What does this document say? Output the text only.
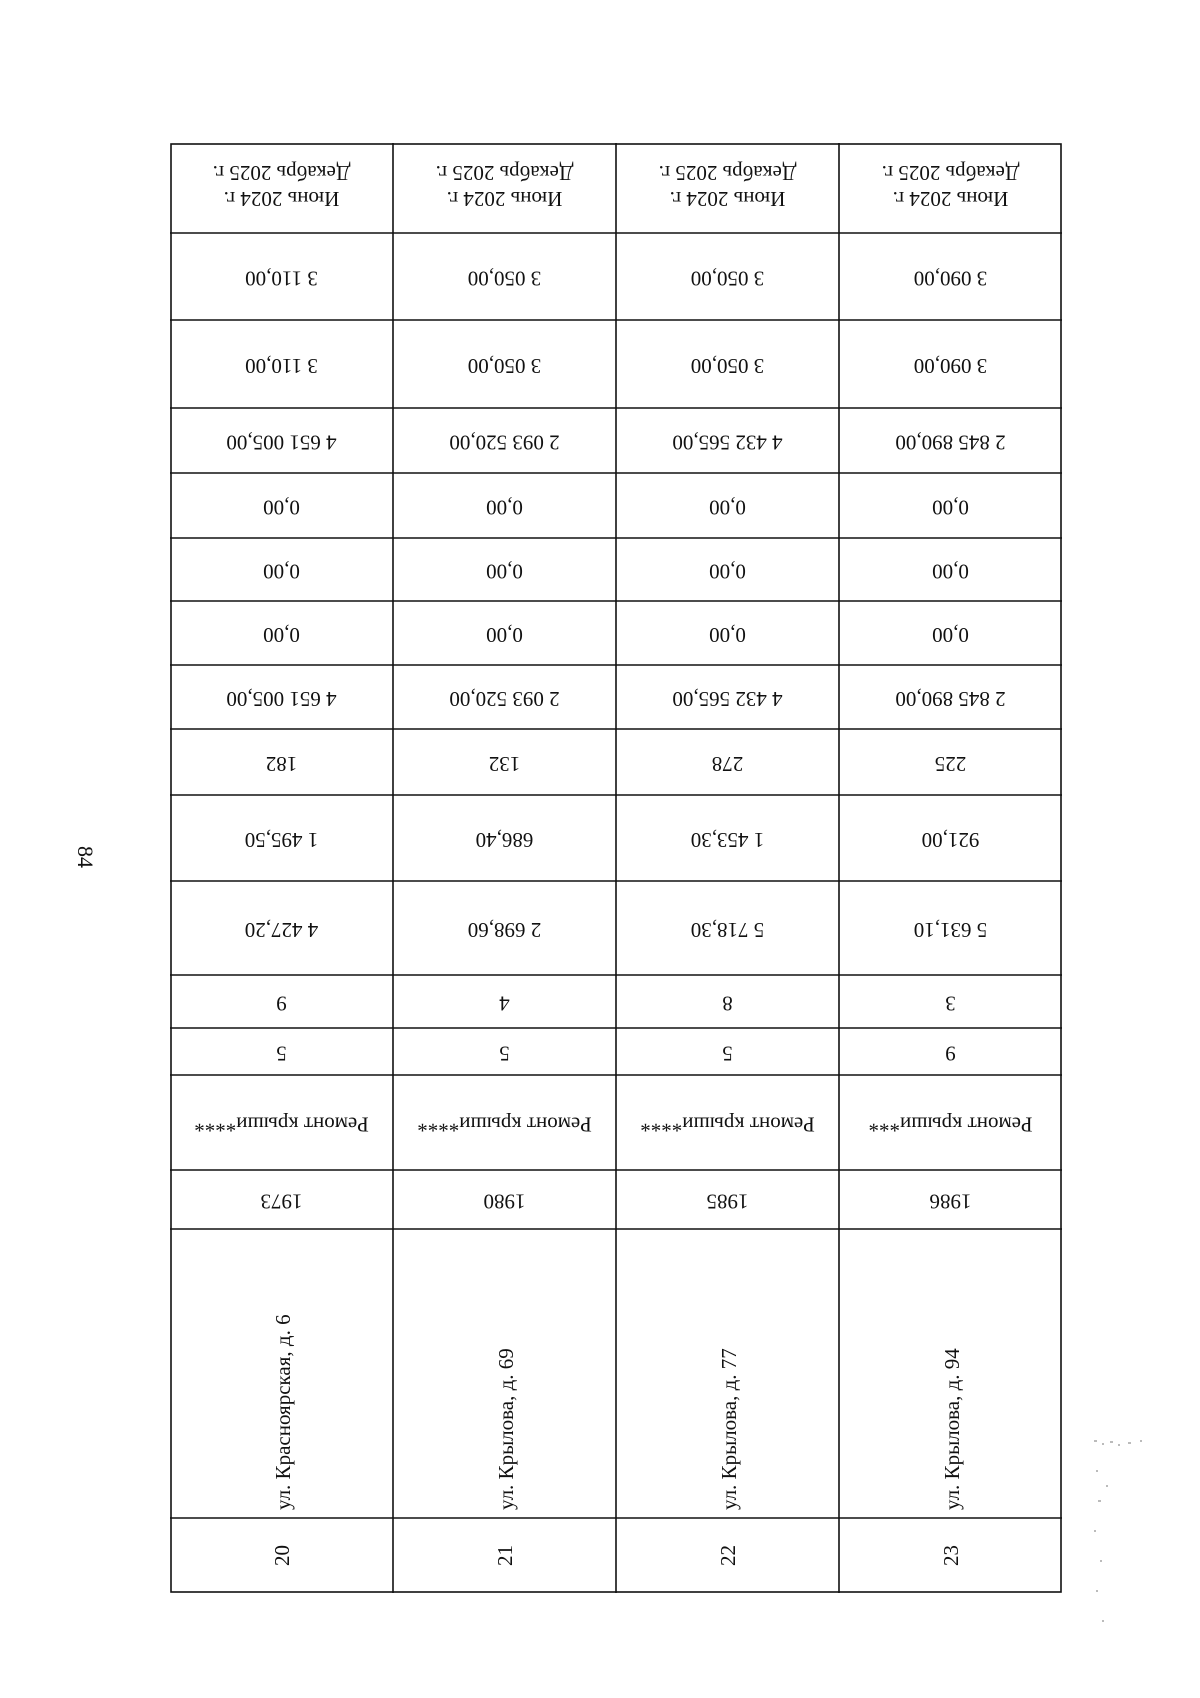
84
Июнь 2024 г.Декабрь 2025 г.
3 110,00
3 110,00
4 651 005,00
0,00
0,00
0,00
4 651 005,00
182
1 495,50
4 427,20
9
5
Ремонт крыши****
1973
ул. Красноярская, д. 6
20
Июнь 2024 г.Декабрь 2025 г.
3 050,00
3 050,00
2 093 520,00
0,00
0,00
0,00
2 093 520,00
132
686,40
2 698,60
4
5
Ремонт крыши****
1980
ул. Крылова, д. 69
21
Июнь 2024 г.Декабрь 2025 г.
3 050,00
3 050,00
4 432 565,00
0,00
0,00
0,00
4 432 565,00
278
1 453,30
5 718,30
8
5
Ремонт крыши****
1985
ул. Крылова, д. 77
22
Июнь 2024 г.Декабрь 2025 г.
3 090,00
3 090,00
2 845 890,00
0,00
0,00
0,00
2 845 890,00
225
921,00
5 631,10
3
9
Ремонт крыши***
1986
ул. Крылова, д. 94
23
